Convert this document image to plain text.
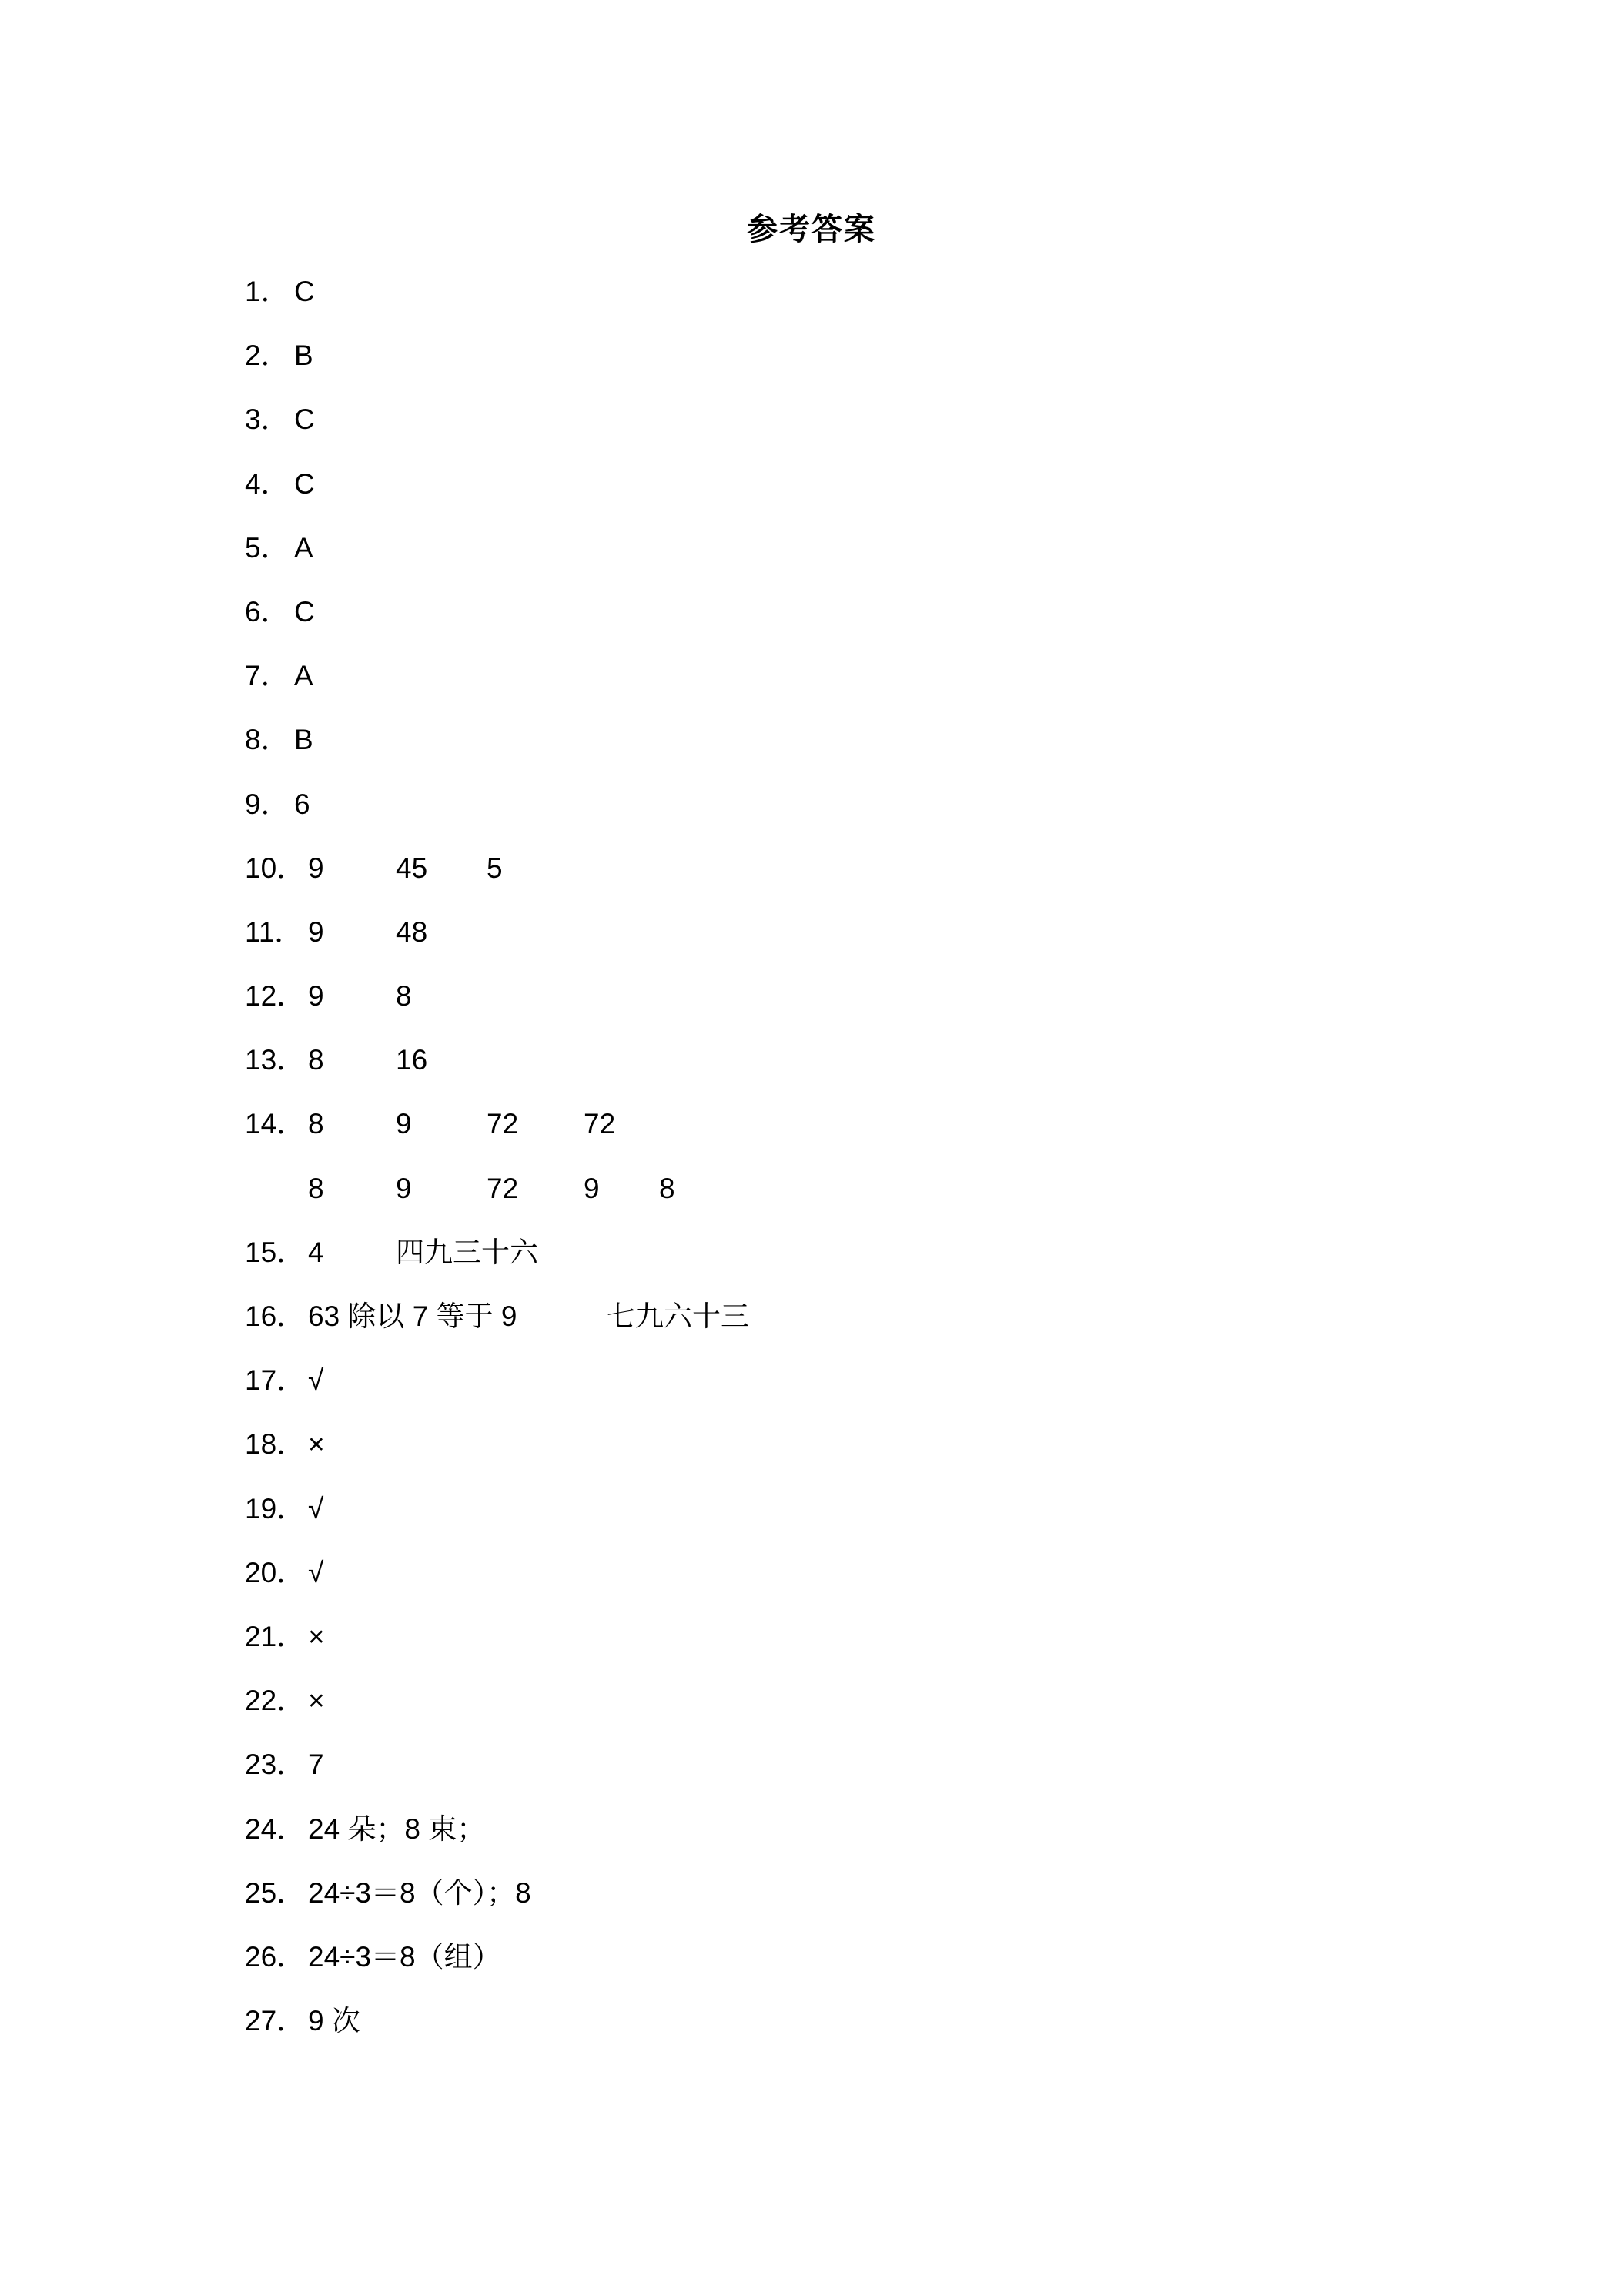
参考答案
1． C
2． B
3． C
4． C
5． A
6． C
7． A
8． B
9． 6
10． 9	45 5
11． 9	48
12． 9	8
13． 8	16
14． 8	9	72 72
8	9	72 9 8
15． 4	四九三十六
16． 63 除以 7 等于 9	七九六十三
17． √
18． ×
19． √
20． √
21． ×
22． ×
23． 7
24． 24 朵；8 束；
25． 24÷3＝8（个）；8
26． 24÷3＝8（组）
27． 9 次
